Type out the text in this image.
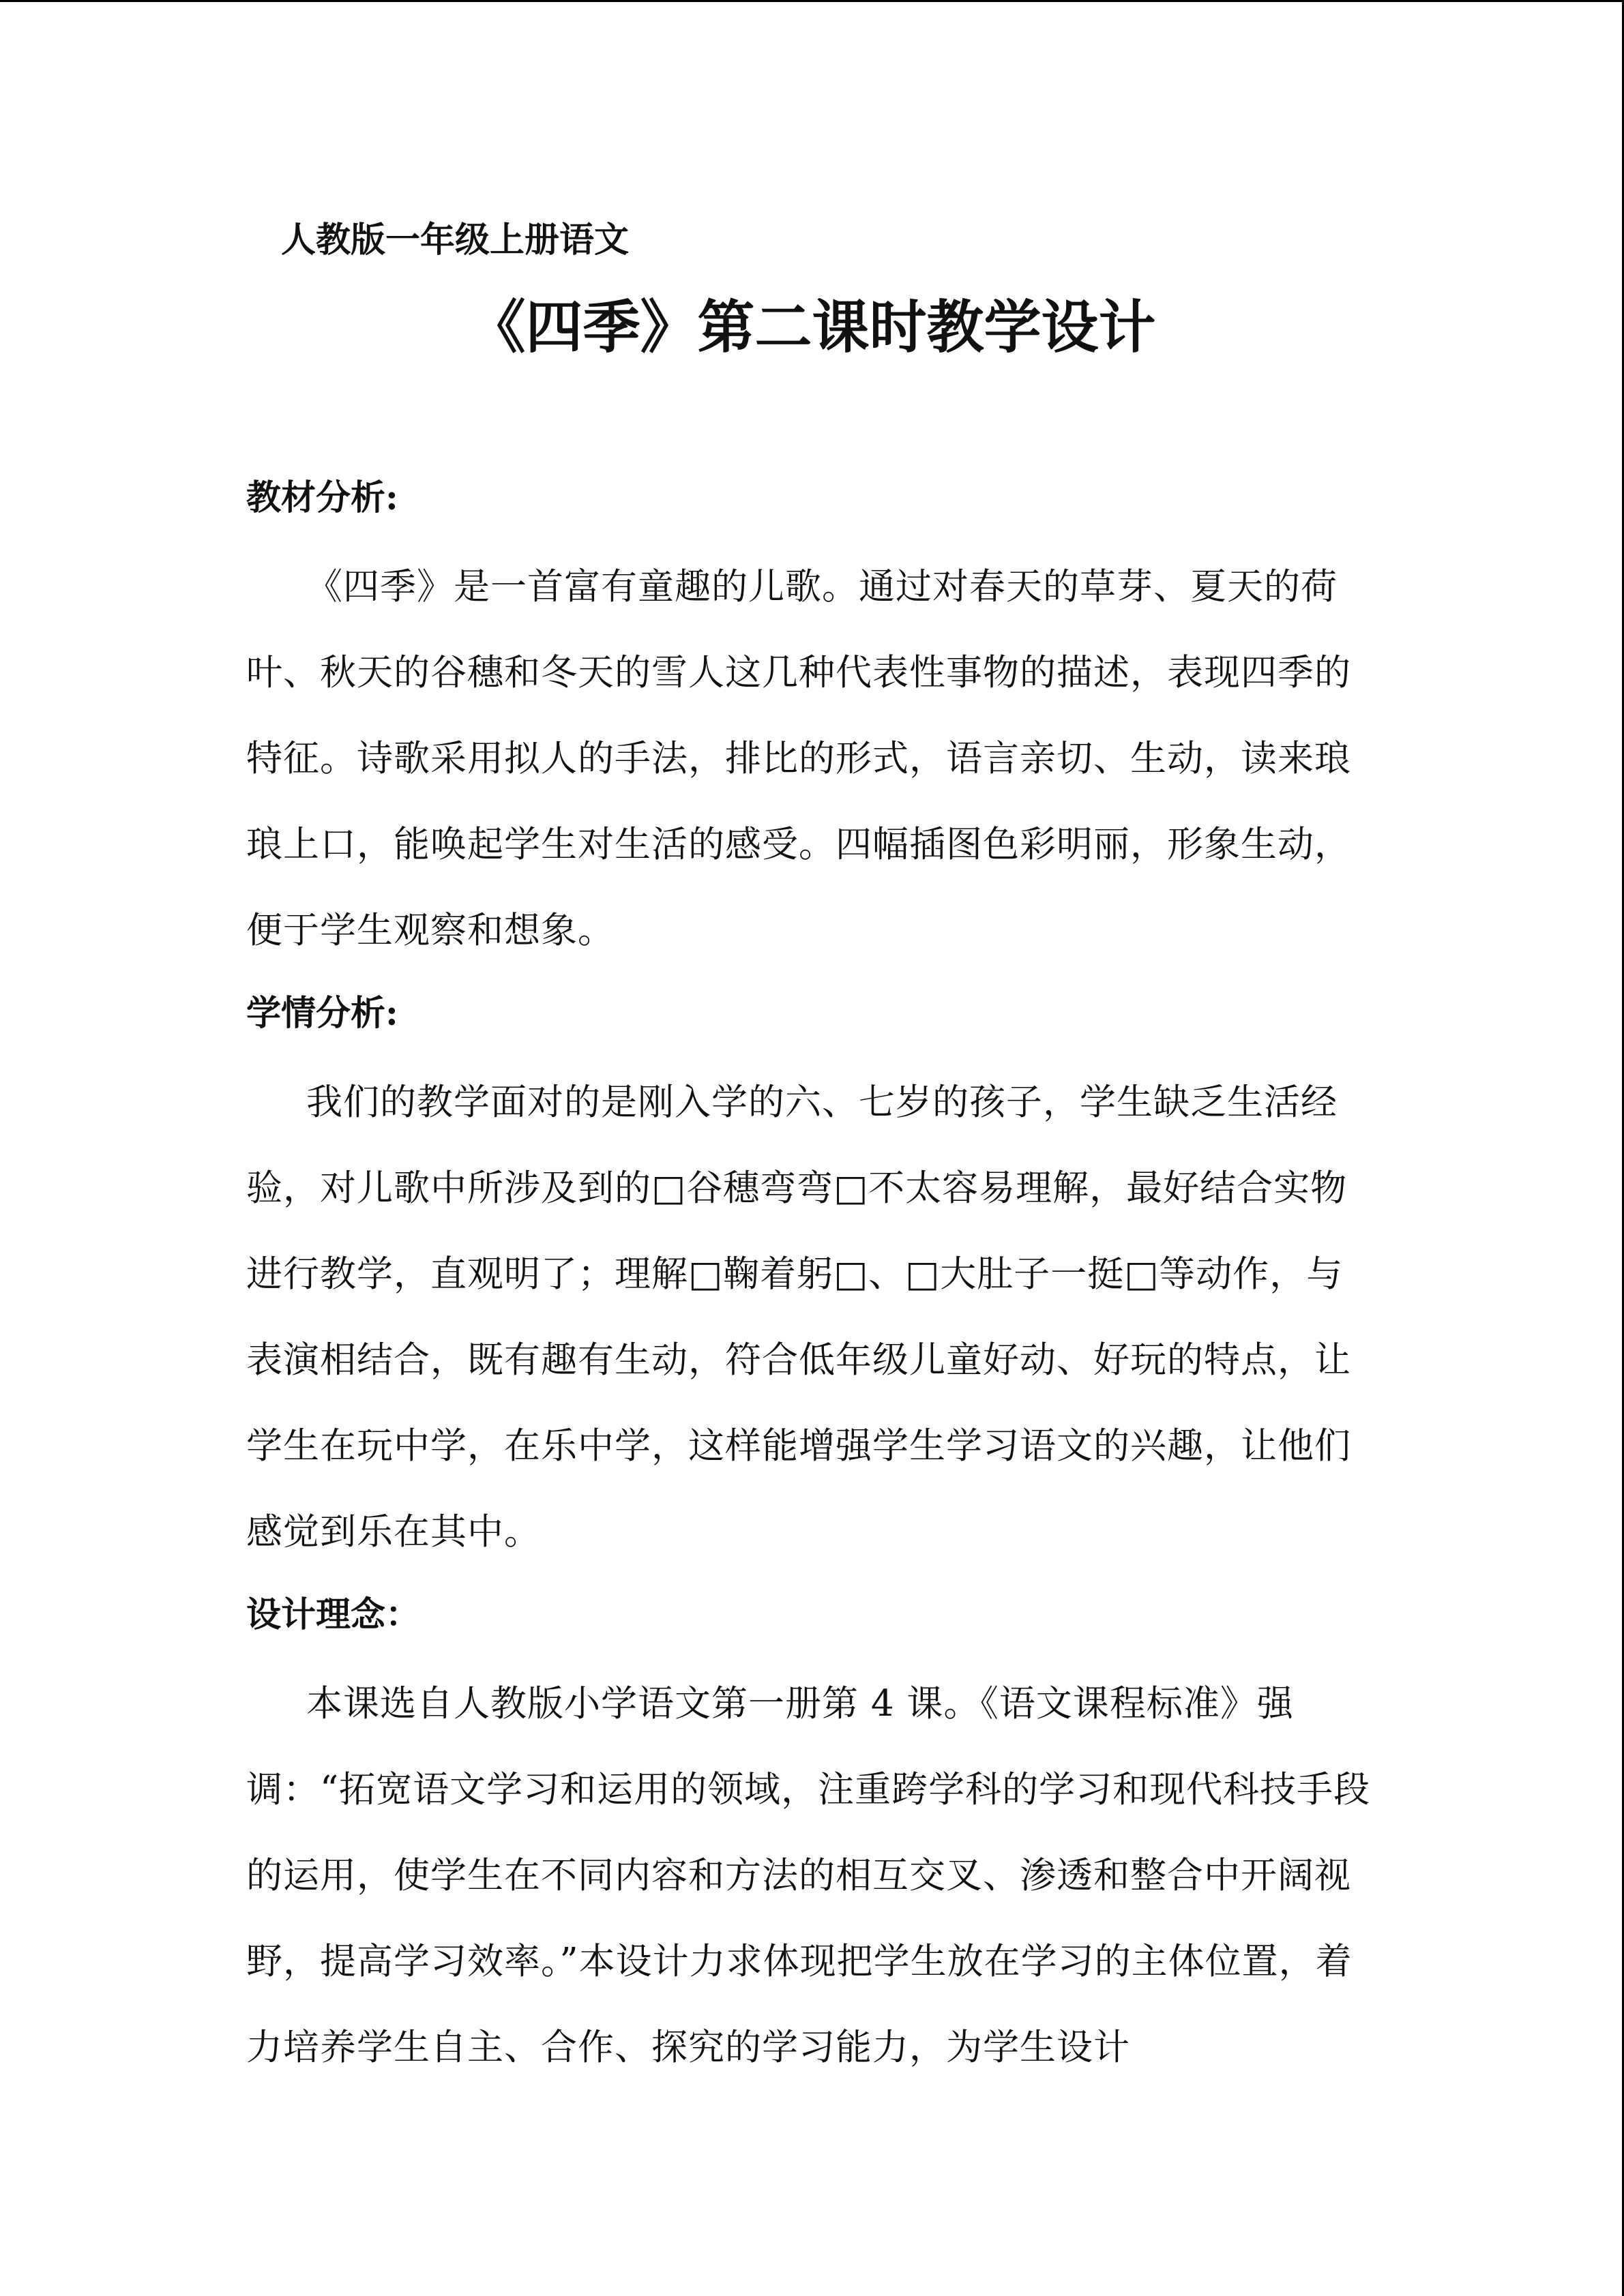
人教版一年级上册语文
《四季》第二课时教学设计
教材分析:

《四季》是一首富有童趣的儿歌。通过对春天的草芽、夏天的荷叶、秋天的谷穗和冬天的雪人这几种代表性事物的描述，表现四季的特征。诗歌采用拟人的手法，排比的形式，语言亲切、生动，读来琅琅上口，能唤起学生对生活的感受。四幅插图色彩明丽，形象生动，便于学生观察和想象。

学情分析:

我们的教学面对的是刚入学的六、七岁的孩子，学生缺乏生活经验，对儿歌中所涉及到的□谷穗弯弯□不太容易理解，最好结合实物进行教学，直观明了；理解□鞠着躬□、□大肚子一挺□等动作，与表演相结合，既有趣有生动，符合低年级儿童好动、好玩的特点，让学生在玩中学，在乐中学，这样能增强学生学习语文的兴趣，让他们感觉到乐在其中。

设计理念：

本课选自人教版小学语文第一册第 4 课。《语文课程标准》强调：“拓宽语文学习和运用的领域，注重跨学科的学习和现代科技手段的运用，使学生在不同内容和方法的相互交叉、渗透和整合中开阔视野，提高学习效率。”本设计力求体现把学生放在学习的主体位置，着力培养学生自主、合作、探究的学习能力，为学生设计
